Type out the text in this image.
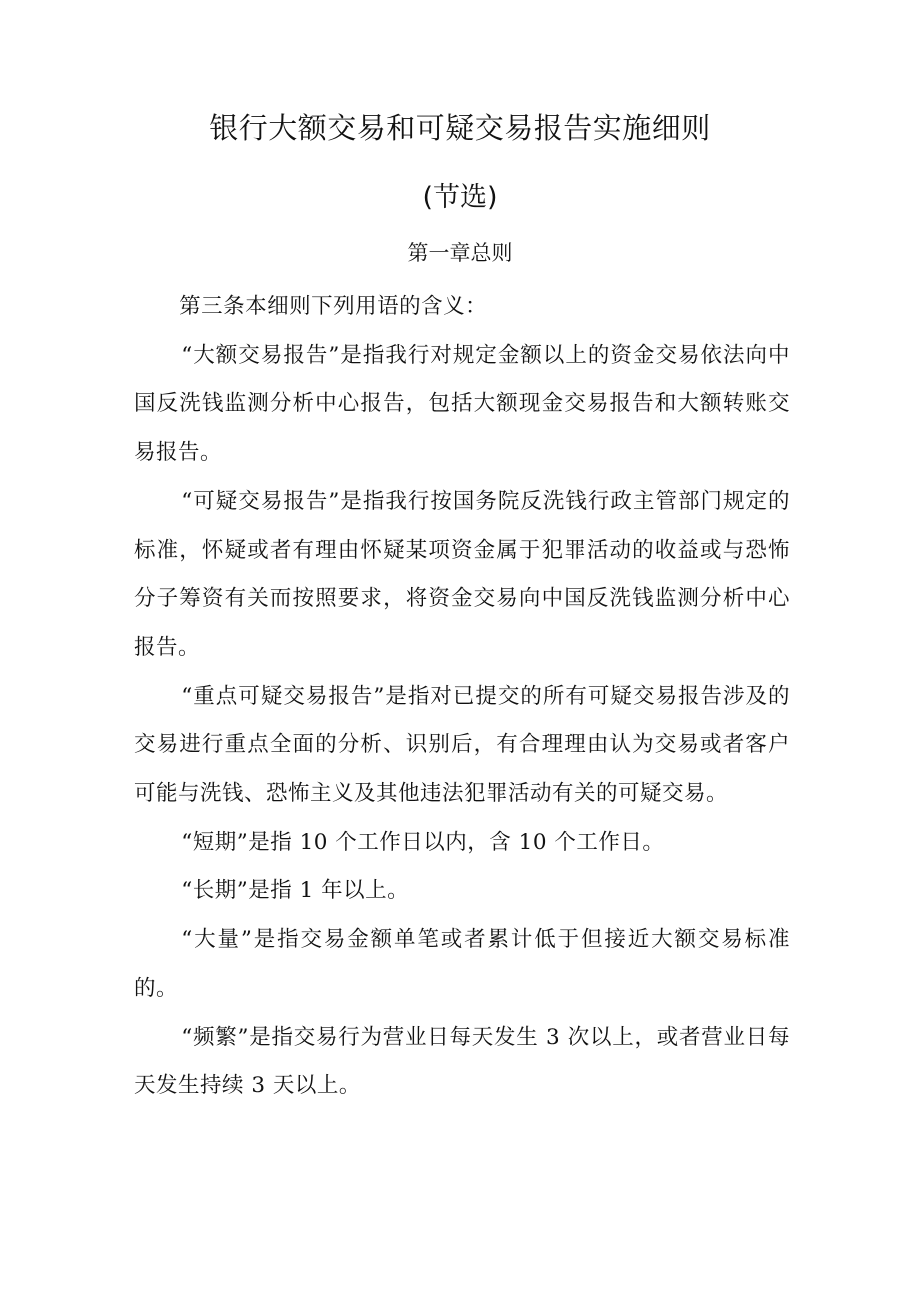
银行大额交易和可疑交易报告实施细则
(节选)
第一章总则

第三条本细则下列用语的含义：

“大额交易报告”是指我行对规定金额以上的资金交易依法向中国反洗钱监测分析中心报告，包括大额现金交易报告和大额转账交易报告。

“可疑交易报告”是指我行按国务院反洗钱行政主管部门规定的标准，怀疑或者有理由怀疑某项资金属于犯罪活动的收益或与恐怖分子筹资有关而按照要求，将资金交易向中国反洗钱监测分析中心报告。

“重点可疑交易报告”是指对已提交的所有可疑交易报告涉及的交易进行重点全面的分析、识别后，有合理理由认为交易或者客户可能与洗钱、恐怖主义及其他违法犯罪活动有关的可疑交易。

“短期”是指 10 个工作日以内，含 10 个工作日。

“长期”是指 1 年以上。

“大量”是指交易金额单笔或者累计低于但接近大额交易标准的。

“频繁”是指交易行为营业日每天发生 3 次以上，或者营业日每天发生持续 3 天以上。
